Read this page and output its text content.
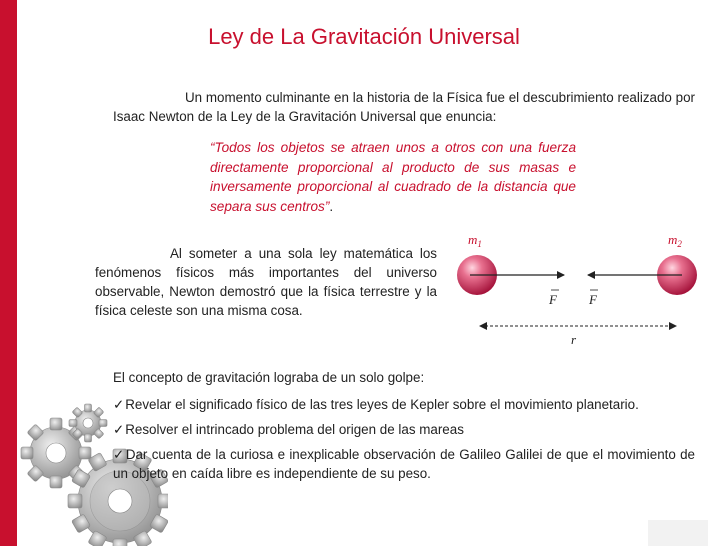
Ley de La Gravitación Universal
Un momento culminante en la historia de la Física fue el descubrimiento realizado por Isaac Newton de la Ley de la Gravitación Universal que enuncia:
“Todos los objetos se atraen unos a otros con una fuerza directamente proporcional al producto de sus masas e inversamente proporcional al cuadrado de la distancia que separa sus centros”.
Al someter a una sola ley matemática los fenómenos físicos más importantes del universo observable, Newton demostró que la física terrestre y la física celeste son una misma cosa.
$m_1$	$m_2$
F F
r
El concepto de gravitación lograba de un solo golpe:
✓Revelar el significado físico de las tres leyes de Kepler sobre el movimiento planetario.
✓Resolver el intrincado problema del origen de las mareas
✓Dar cuenta de la curiosa e inexplicable observación de Galileo Galilei de que el movimiento de un objeto en caída libre es independiente de su peso.
